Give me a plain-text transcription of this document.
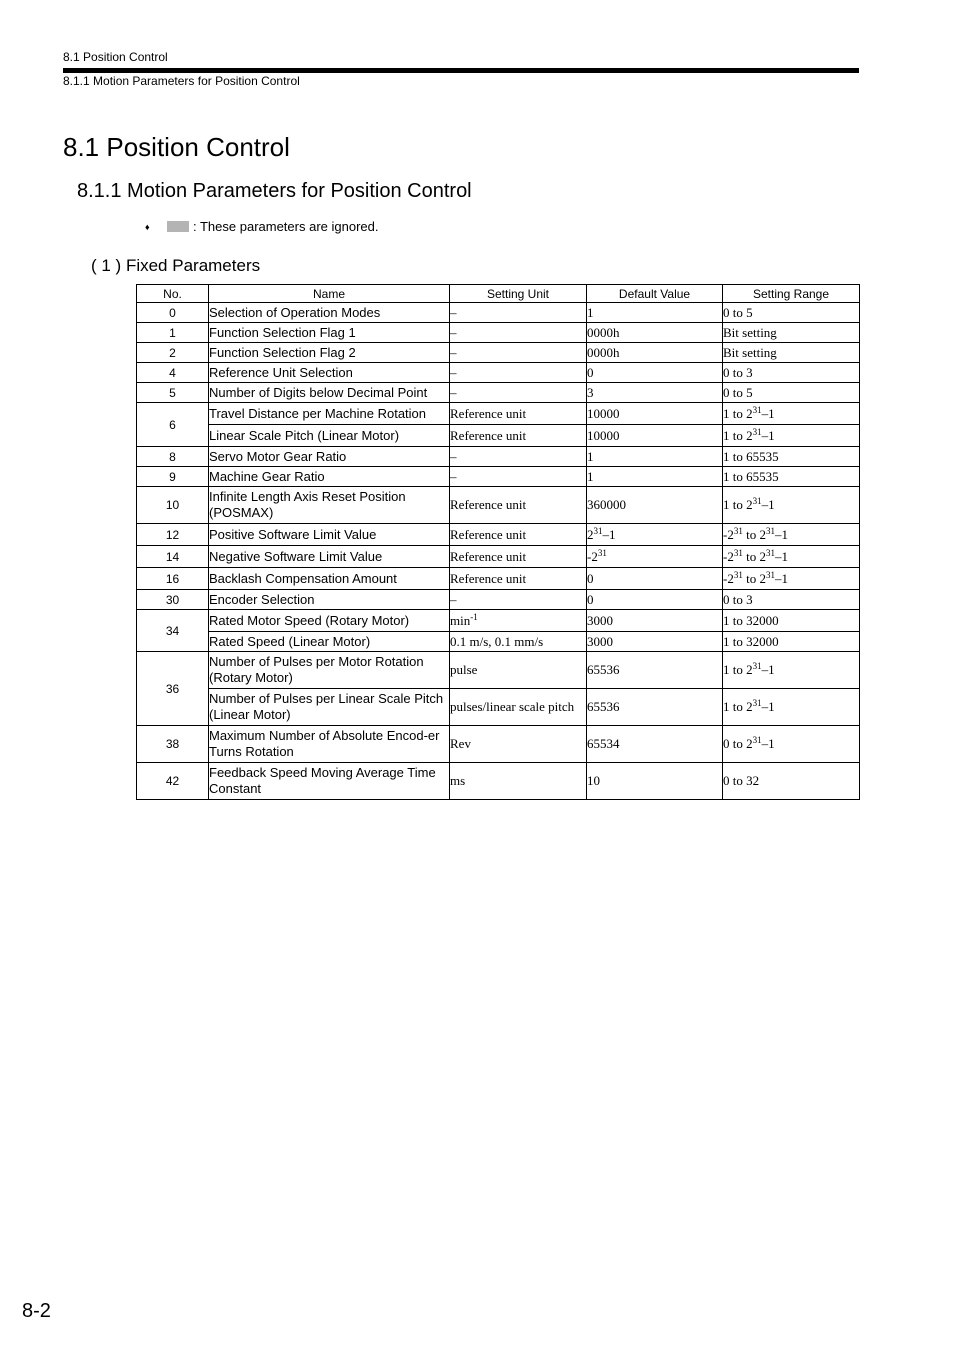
8.1 Position Control
8.1.1 Motion Parameters for Position Control
8.1 Position Control
8.1.1 Motion Parameters for Position Control
♦	: These parameters are ignored.
( 1 ) Fixed Parameters
No.	Name	Setting Unit	Default Value	Setting Range
0	Selection of Operation Modes	–	1	0 to 5
1	Function Selection Flag 1	–	0000h	Bit setting
2	Function Selection Flag 2	–	0000h	Bit setting
4	Reference Unit Selection	–	0	0 to 3
5	Number of Digits below Decimal Point	–	3	0 to 5
6	Travel Distance per Machine Rotation	Reference unit	10000	1 to $2^{31}-1$
	Linear Scale Pitch (Linear Motor)	Reference unit	10000	1 to $2^{31}-1$
8	Servo Motor Gear Ratio	–	1	1 to 65535
9	Machine Gear Ratio	–	1	1 to 65535
10	Infinite Length Axis Reset Position (POSMAX)	Reference unit	360000	1 to $2^{31}-1$
12	Positive Software Limit Value	Reference unit	$2^{31}-1$	$-2^{31}$ to $2^{31}-1$
14	Negative Software Limit Value	Reference unit	$-2^{31}$	$-2^{31}$ to $2^{31}-1$
16	Backlash Compensation Amount	Reference unit	0	$-2^{31}$ to $2^{31}-1$
30	Encoder Selection	–	0	0 to 3
34	Rated Motor Speed (Rotary Motor)	$\min^{-1}$	3000	1 to 32000
	Rated Speed (Linear Motor)	0.1 m/s, 0.1 mm/s	3000	1 to 32000
36	Number of Pulses per Motor Rotation (Rotary Motor)	pulse	65536	1 to $2^{31}-1$
	Number of Pulses per Linear Scale Pitch (Linear Motor)	pulses/linear scale pitch	65536	1 to $2^{31}-1$
38	Maximum Number of Absolute Encod-er Turns Rotation	Rev	65534	0 to $2^{31}-1$
42	Feedback Speed Moving Average Time Constant	ms	10	0 to 32
8-2
